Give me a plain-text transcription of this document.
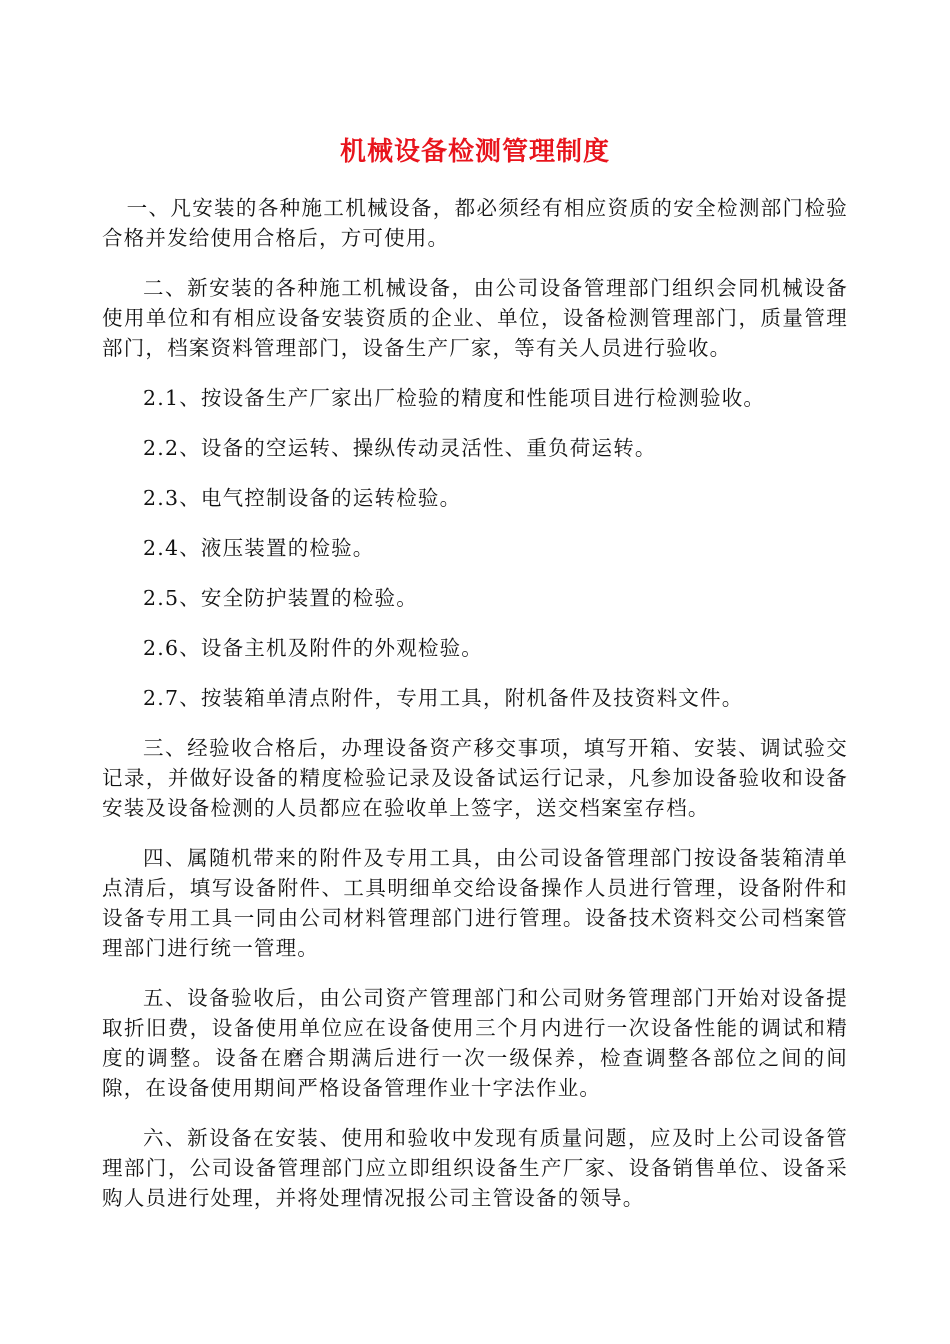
机械设备检测管理制度

一、凡安装的各种施工机械设备，都必须经有相应资质的安全检测部门检验合格并发给使用合格后，方可使用。

二、新安装的各种施工机械设备，由公司设备管理部门组织会同机械设备使用单位和有相应设备安装资质的企业、单位，设备检测管理部门，质量管理部门，档案资料管理部门，设备生产厂家，等有关人员进行验收。

2.1、按设备生产厂家出厂检验的精度和性能项目进行检测验收。

2.2、设备的空运转、操纵传动灵活性、重负荷运转。

2.3、电气控制设备的运转检验。

2.4、液压装置的检验。

2.5、安全防护装置的检验。

2.6、设备主机及附件的外观检验。

2.7、按装箱单清点附件，专用工具，附机备件及技资料文件。

三、经验收合格后，办理设备资产移交事项，填写开箱、安装、调试验交记录，并做好设备的精度检验记录及设备试运行记录，凡参加设备验收和设备安装及设备检测的人员都应在验收单上签字，送交档案室存档。

四、属随机带来的附件及专用工具，由公司设备管理部门按设备装箱清单点清后，填写设备附件、工具明细单交给设备操作人员进行管理，设备附件和设备专用工具一同由公司材料管理部门进行管理。设备技术资料交公司档案管理部门进行统一管理。

五、设备验收后，由公司资产管理部门和公司财务管理部门开始对设备提取折旧费，设备使用单位应在设备使用三个月内进行一次设备性能的调试和精度的调整。设备在磨合期满后进行一次一级保养，检查调整各部位之间的间隙，在设备使用期间严格设备管理作业十字法作业。

六、新设备在安装、使用和验收中发现有质量问题，应及时上公司设备管理部门，公司设备管理部门应立即组织设备生产厂家、设备销售单位、设备采购人员进行处理，并将处理情况报公司主管设备的领导。
